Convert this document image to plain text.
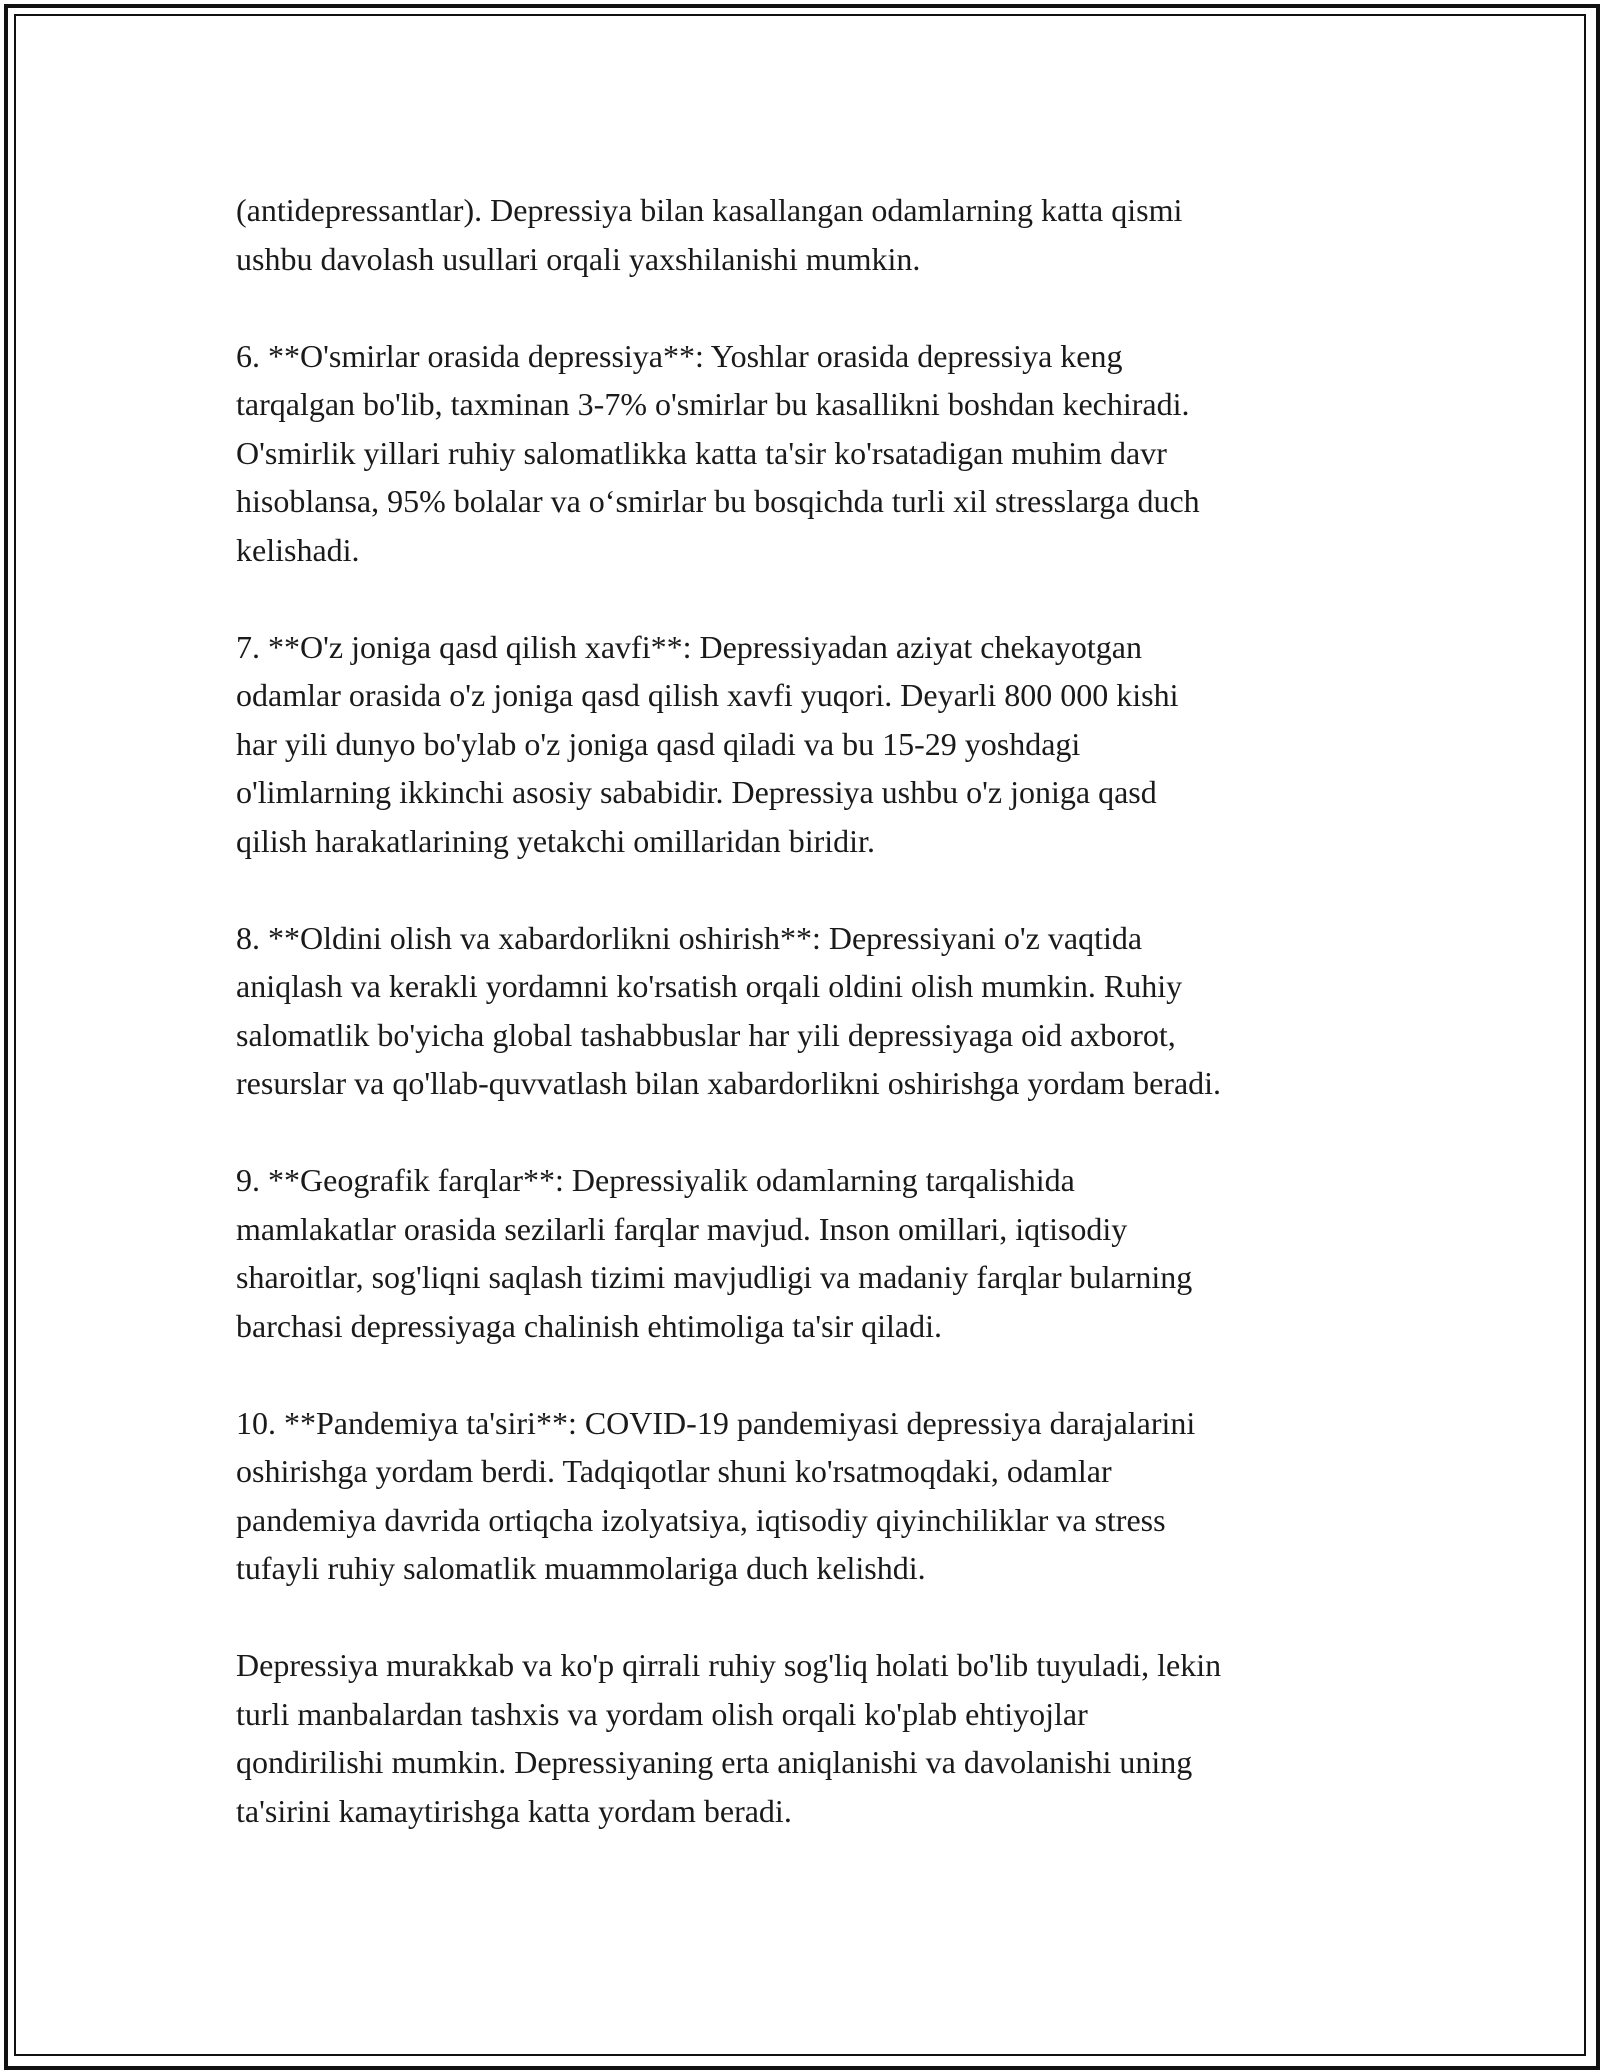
(antidepressantlar). Depressiya bilan kasallangan odamlarning katta qismi
ushbu davolash usullari orqali yaxshilanishi mumkin.

6. **O'smirlar orasida depressiya**: Yoshlar orasida depressiya keng
tarqalgan bo'lib, taxminan 3-7% o'smirlar bu kasallikni boshdan kechiradi.
O'smirlik yillari ruhiy salomatlikka katta ta'sir ko'rsatadigan muhim davr
hisoblansa, 95% bolalar va o‘smirlar bu bosqichda turli xil stresslarga duch
kelishadi.

7. **O'z joniga qasd qilish xavfi**: Depressiyadan aziyat chekayotgan
odamlar orasida o'z joniga qasd qilish xavfi yuqori. Deyarli 800 000 kishi
har yili dunyo bo'ylab o'z joniga qasd qiladi va bu 15-29 yoshdagi
o'limlarning ikkinchi asosiy sababidir. Depressiya ushbu o'z joniga qasd
qilish harakatlarining yetakchi omillaridan biridir.

8. **Oldini olish va xabardorlikni oshirish**: Depressiyani o'z vaqtida
aniqlash va kerakli yordamni ko'rsatish orqali oldini olish mumkin. Ruhiy
salomatlik bo'yicha global tashabbuslar har yili depressiyaga oid axborot,
resurslar va qo'llab-quvvatlash bilan xabardorlikni oshirishga yordam beradi.

9. **Geografik farqlar**: Depressiyalik odamlarning tarqalishida
mamlakatlar orasida sezilarli farqlar mavjud. Inson omillari, iqtisodiy
sharoitlar, sog'liqni saqlash tizimi mavjudligi va madaniy farqlar bularning
barchasi depressiyaga chalinish ehtimoliga ta'sir qiladi.

10. **Pandemiya ta'siri**: COVID-19 pandemiyasi depressiya darajalarini
oshirishga yordam berdi. Tadqiqotlar shuni ko'rsatmoqdaki, odamlar
pandemiya davrida ortiqcha izolyatsiya, iqtisodiy qiyinchiliklar va stress
tufayli ruhiy salomatlik muammolariga duch kelishdi.

Depressiya murakkab va ko'p qirrali ruhiy sog'liq holati bo'lib tuyuladi, lekin
turli manbalardan tashxis va yordam olish orqali ko'plab ehtiyojlar
qondirilishi mumkin. Depressiyaning erta aniqlanishi va davolanishi uning
ta'sirini kamaytirishga katta yordam beradi.
